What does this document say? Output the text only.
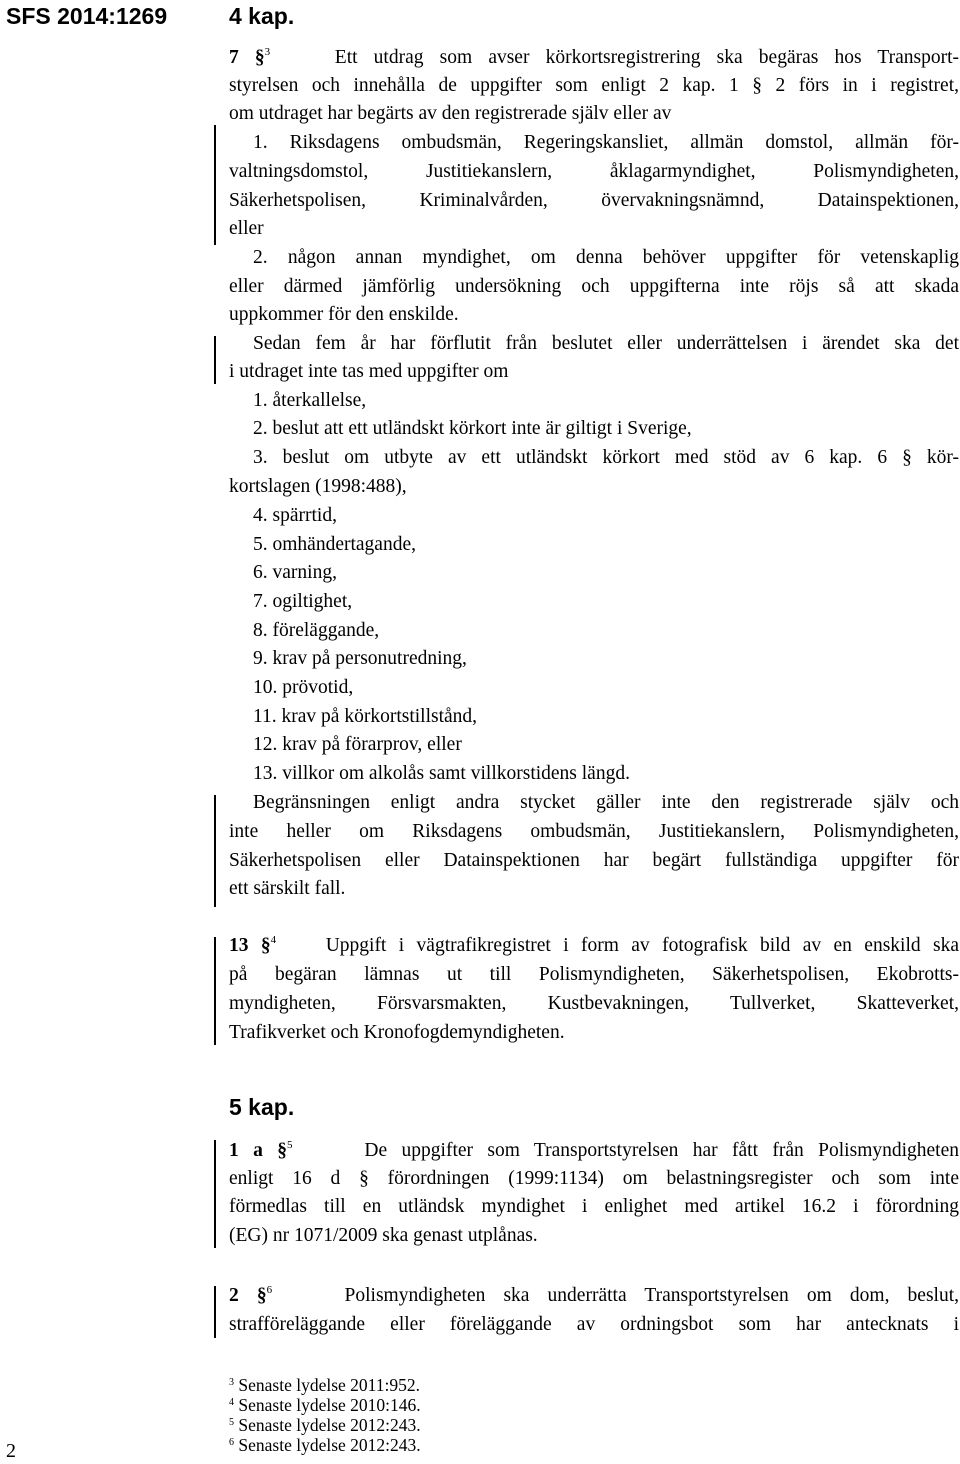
SFS 2014:1269	4 kap.
7 §$^3$	Ett utdrag som avser körkortsregistrering ska begäras hos Transport-
styrelsen och innehålla de uppgifter som enligt 2 kap. 1 § 2 förs in i registret,
om utdraget har begärts av den registrerade själv eller av
1. Riksdagens ombudsmän, Regeringskansliet, allmän domstol, allmän för-
valtningsdomstol, Justitiekanslern, åklagarmyndighet, Polismyndigheten,
Säkerhetspolisen, Kriminalvården, övervakningsnämnd, Datainspektionen,
eller
2. någon annan myndighet, om denna behöver uppgifter för vetenskaplig
eller därmed jämförlig undersökning och uppgifterna inte röjs så att skada
uppkommer för den enskilde.
Sedan fem år har förflutit från beslutet eller underrättelsen i ärendet ska det
i utdraget inte tas med uppgifter om
1. återkallelse,
2. beslut att ett utländskt körkort inte är giltigt i Sverige,
3. beslut om utbyte av ett utländskt körkort med stöd av 6 kap. 6 § kör-
kortslagen (1998:488),
4. spärrtid,
5. omhändertagande,
6. varning,
7. ogiltighet,
8. föreläggande,
9. krav på personutredning,
10. prövotid,
11. krav på körkortstillstånd,
12. krav på förarprov, eller
13. villkor om alkolås samt villkorstidens längd.
Begränsningen enligt andra stycket gäller inte den registrerade själv och
inte heller om Riksdagens ombudsmän, Justitiekanslern, Polismyndigheten,
Säkerhetspolisen eller Datainspektionen har begärt fullständiga uppgifter för
ett särskilt fall.
13 §$^4$	Uppgift i vägtrafikregistret i form av fotografisk bild av en enskild ska
på begäran lämnas ut till Polismyndigheten, Säkerhetspolisen, Ekobrotts-
myndigheten, Försvarsmakten, Kustbevakningen, Tullverket, Skatteverket,
Trafikverket och Kronofogdemyndigheten.
5 kap.
1 a §$^5$	De uppgifter som Transportstyrelsen har fått från Polismyndigheten
enligt 16 d § förordningen (1999:1134) om belastningsregister och som inte
förmedlas till en utländsk myndighet i enlighet med artikel 16.2 i förordning
(EG) nr 1071/2009 ska genast utplånas.
2 §$^6$	Polismyndigheten ska underrätta Transportstyrelsen om dom, beslut,
strafföreläggande eller föreläggande av ordningsbot som har antecknats i
$^3$ Senaste lydelse 2011:952.
$^4$ Senaste lydelse 2010:146.
$^5$ Senaste lydelse 2012:243.
$^6$ Senaste lydelse 2012:243.
2
